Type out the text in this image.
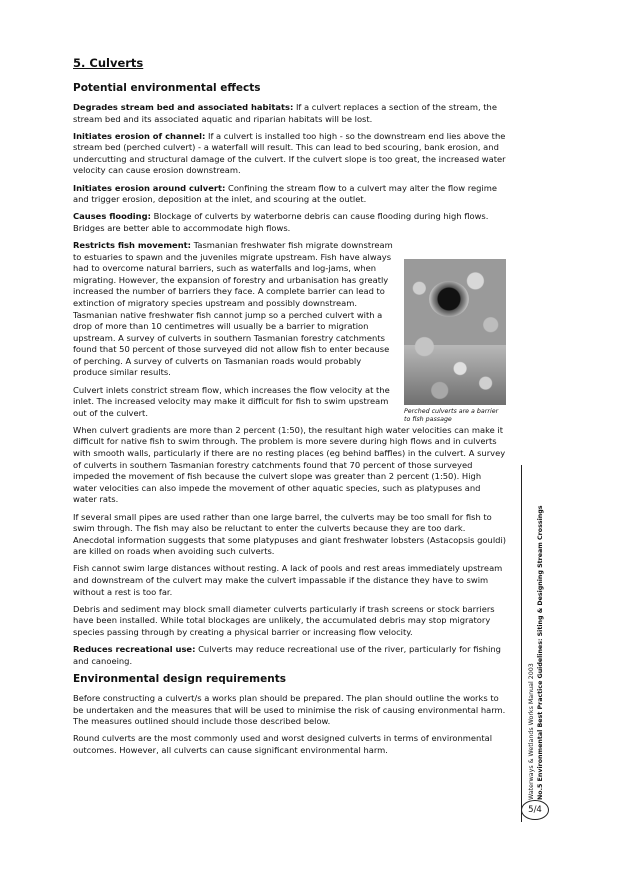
5. Culverts
Potential environmental effects

Degrades stream bed and associated habitats: If a culvert replaces a section of the stream, the stream bed and its associated aquatic and riparian habitats will be lost.

Initiates erosion of channel: If a culvert is installed too high - so the downstream end lies above the stream bed (perched culvert) - a waterfall will result. This can lead to bed scouring, bank erosion, and undercutting and structural damage of the culvert. If the culvert slope is too great, the increased water velocity can cause erosion downstream.

Initiates erosion around culvert: Confining the stream flow to a culvert may alter the flow regime and trigger erosion, deposition at the inlet, and scouring at the outlet.

Causes flooding: Blockage of culverts by waterborne debris can cause flooding during high flows. Bridges are better able to accommodate high flows.

Restricts fish movement: Tasmanian freshwater fish migrate downstream to estuaries to spawn and the juveniles migrate upstream. Fish have always had to overcome natural barriers, such as waterfalls and log-jams, when migrating. However, the expansion of forestry and urbanisation has greatly increased the number of barriers they face. A complete barrier can lead to extinction of migratory species upstream and possibly downstream. Tasmanian native freshwater fish cannot jump so a perched culvert with a drop of more than 10 centimetres will usually be a barrier to migration upstream. A survey of culverts in southern Tasmanian forestry catchments found that 50 percent of those surveyed did not allow fish to enter because of perching. A survey of culverts on Tasmanian roads would probably produce similar results.

Culvert inlets constrict stream flow, which increases the flow velocity at the inlet. The increased velocity may make it difficult for fish to swim upstream out of the culvert.

When culvert gradients are more than 2 percent (1:50), the resultant high water velocities can make it difficult for native fish to swim through. The problem is more severe during high flows and in culverts with smooth walls, particularly if there are no resting places (eg behind baffles) in the culvert. A survey of culverts in southern Tasmanian forestry catchments found that 70 percent of those surveyed impeded the movement of fish because the culvert slope was greater than 2 percent (1:50). High water velocities can also impede the movement of other aquatic species, such as platypuses and water rats.

If several small pipes are used rather than one large barrel, the culverts may be too small for fish to swim through. The fish may also be reluctant to enter the culverts because they are too dark. Anecdotal information suggests that some platypuses and giant freshwater lobsters (Astacopsis gouldi) are killed on roads when avoiding such culverts.

Fish cannot swim large distances without resting. A lack of pools and rest areas immediately upstream and downstream of the culvert may make the culvert impassable if the distance they have to swim without a rest is too far.

Debris and sediment may block small diameter culverts particularly if trash screens or stock barriers have been installed. While total blockages are unlikely, the accumulated debris may stop migratory species passing through by creating a physical barrier or increasing flow velocity.

Reduces recreational use: Culverts may reduce recreational use of the river, particularly for fishing and canoeing.

Environmental design requirements

Before constructing a culvert/s a works plan should be prepared. The plan should outline the works to be undertaken and the measures that will be used to minimise the risk of causing environmental harm. The measures outlined should include those described below.

Round culverts are the most commonly used and worst designed culverts in terms of environmental outcomes. However, all culverts can cause significant environmental harm.

Perched culverts are a barrier to fish passage
Waterways & Wetlands Works Manual 2003 No.5 Environmental Best Practice Guidelines: Siting & Designing Stream Crossings
5/4
